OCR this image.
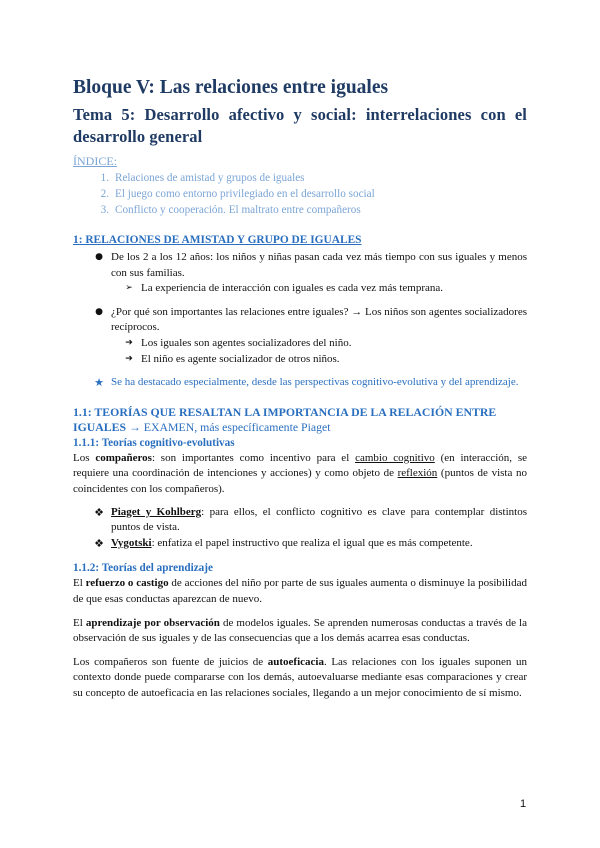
Bloque V: Las relaciones entre iguales
Tema 5: Desarrollo afectivo y social: interrelaciones con el desarrollo general
ÍNDICE:
1. Relaciones de amistad y grupos de iguales
2. El juego como entorno privilegiado en el desarrollo social
3. Conflicto y cooperación. El maltrato entre compañeros
1: RELACIONES DE AMISTAD Y GRUPO DE IGUALES
● De los 2 a los 12 años: los niños y niñas pasan cada vez más tiempo con sus iguales y menos con sus familias.
➢ La experiencia de interacción con iguales es cada vez más temprana.
● ¿Por qué son importantes las relaciones entre iguales? → Los niños son agentes socializadores recíprocos.
➔ Los iguales son agentes socializadores del niño.
➔ El niño es agente socializador de otros niños.
★ Se ha destacado especialmente, desde las perspectivas cognitivo-evolutiva y del aprendizaje.
1.1: TEORÍAS QUE RESALTAN LA IMPORTANCIA DE LA RELACIÓN ENTRE IGUALES → EXAMEN, más específicamente Piaget
1.1.1: Teorías cognitivo-evolutivas

Los compañeros: son importantes como incentivo para el cambio cognitivo (en interacción, se requiere una coordinación de intenciones y acciones) y como objeto de reflexión (puntos de vista no coincidentes con los compañeros).

❖ Piaget y Kohlberg: para ellos, el conflicto cognitivo es clave para contemplar distintos puntos de vista.
❖ Vygotski: enfatiza el papel instructivo que realiza el igual que es más competente.
1.1.2: Teorías del aprendizaje

El refuerzo o castigo de acciones del niño por parte de sus iguales aumenta o disminuye la posibilidad de que esas conductas aparezcan de nuevo.

El aprendizaje por observación de modelos iguales. Se aprenden numerosas conductas a través de la observación de sus iguales y de las consecuencias que a los demás acarrea esas conductas.

Los compañeros son fuente de juicios de autoeficacia. Las relaciones con los iguales suponen un contexto donde puede compararse con los demás, autoevaluarse mediante esas comparaciones y crear su concepto de autoeficacia en las relaciones sociales, llegando a un mejor conocimiento de sí mismo.

1
